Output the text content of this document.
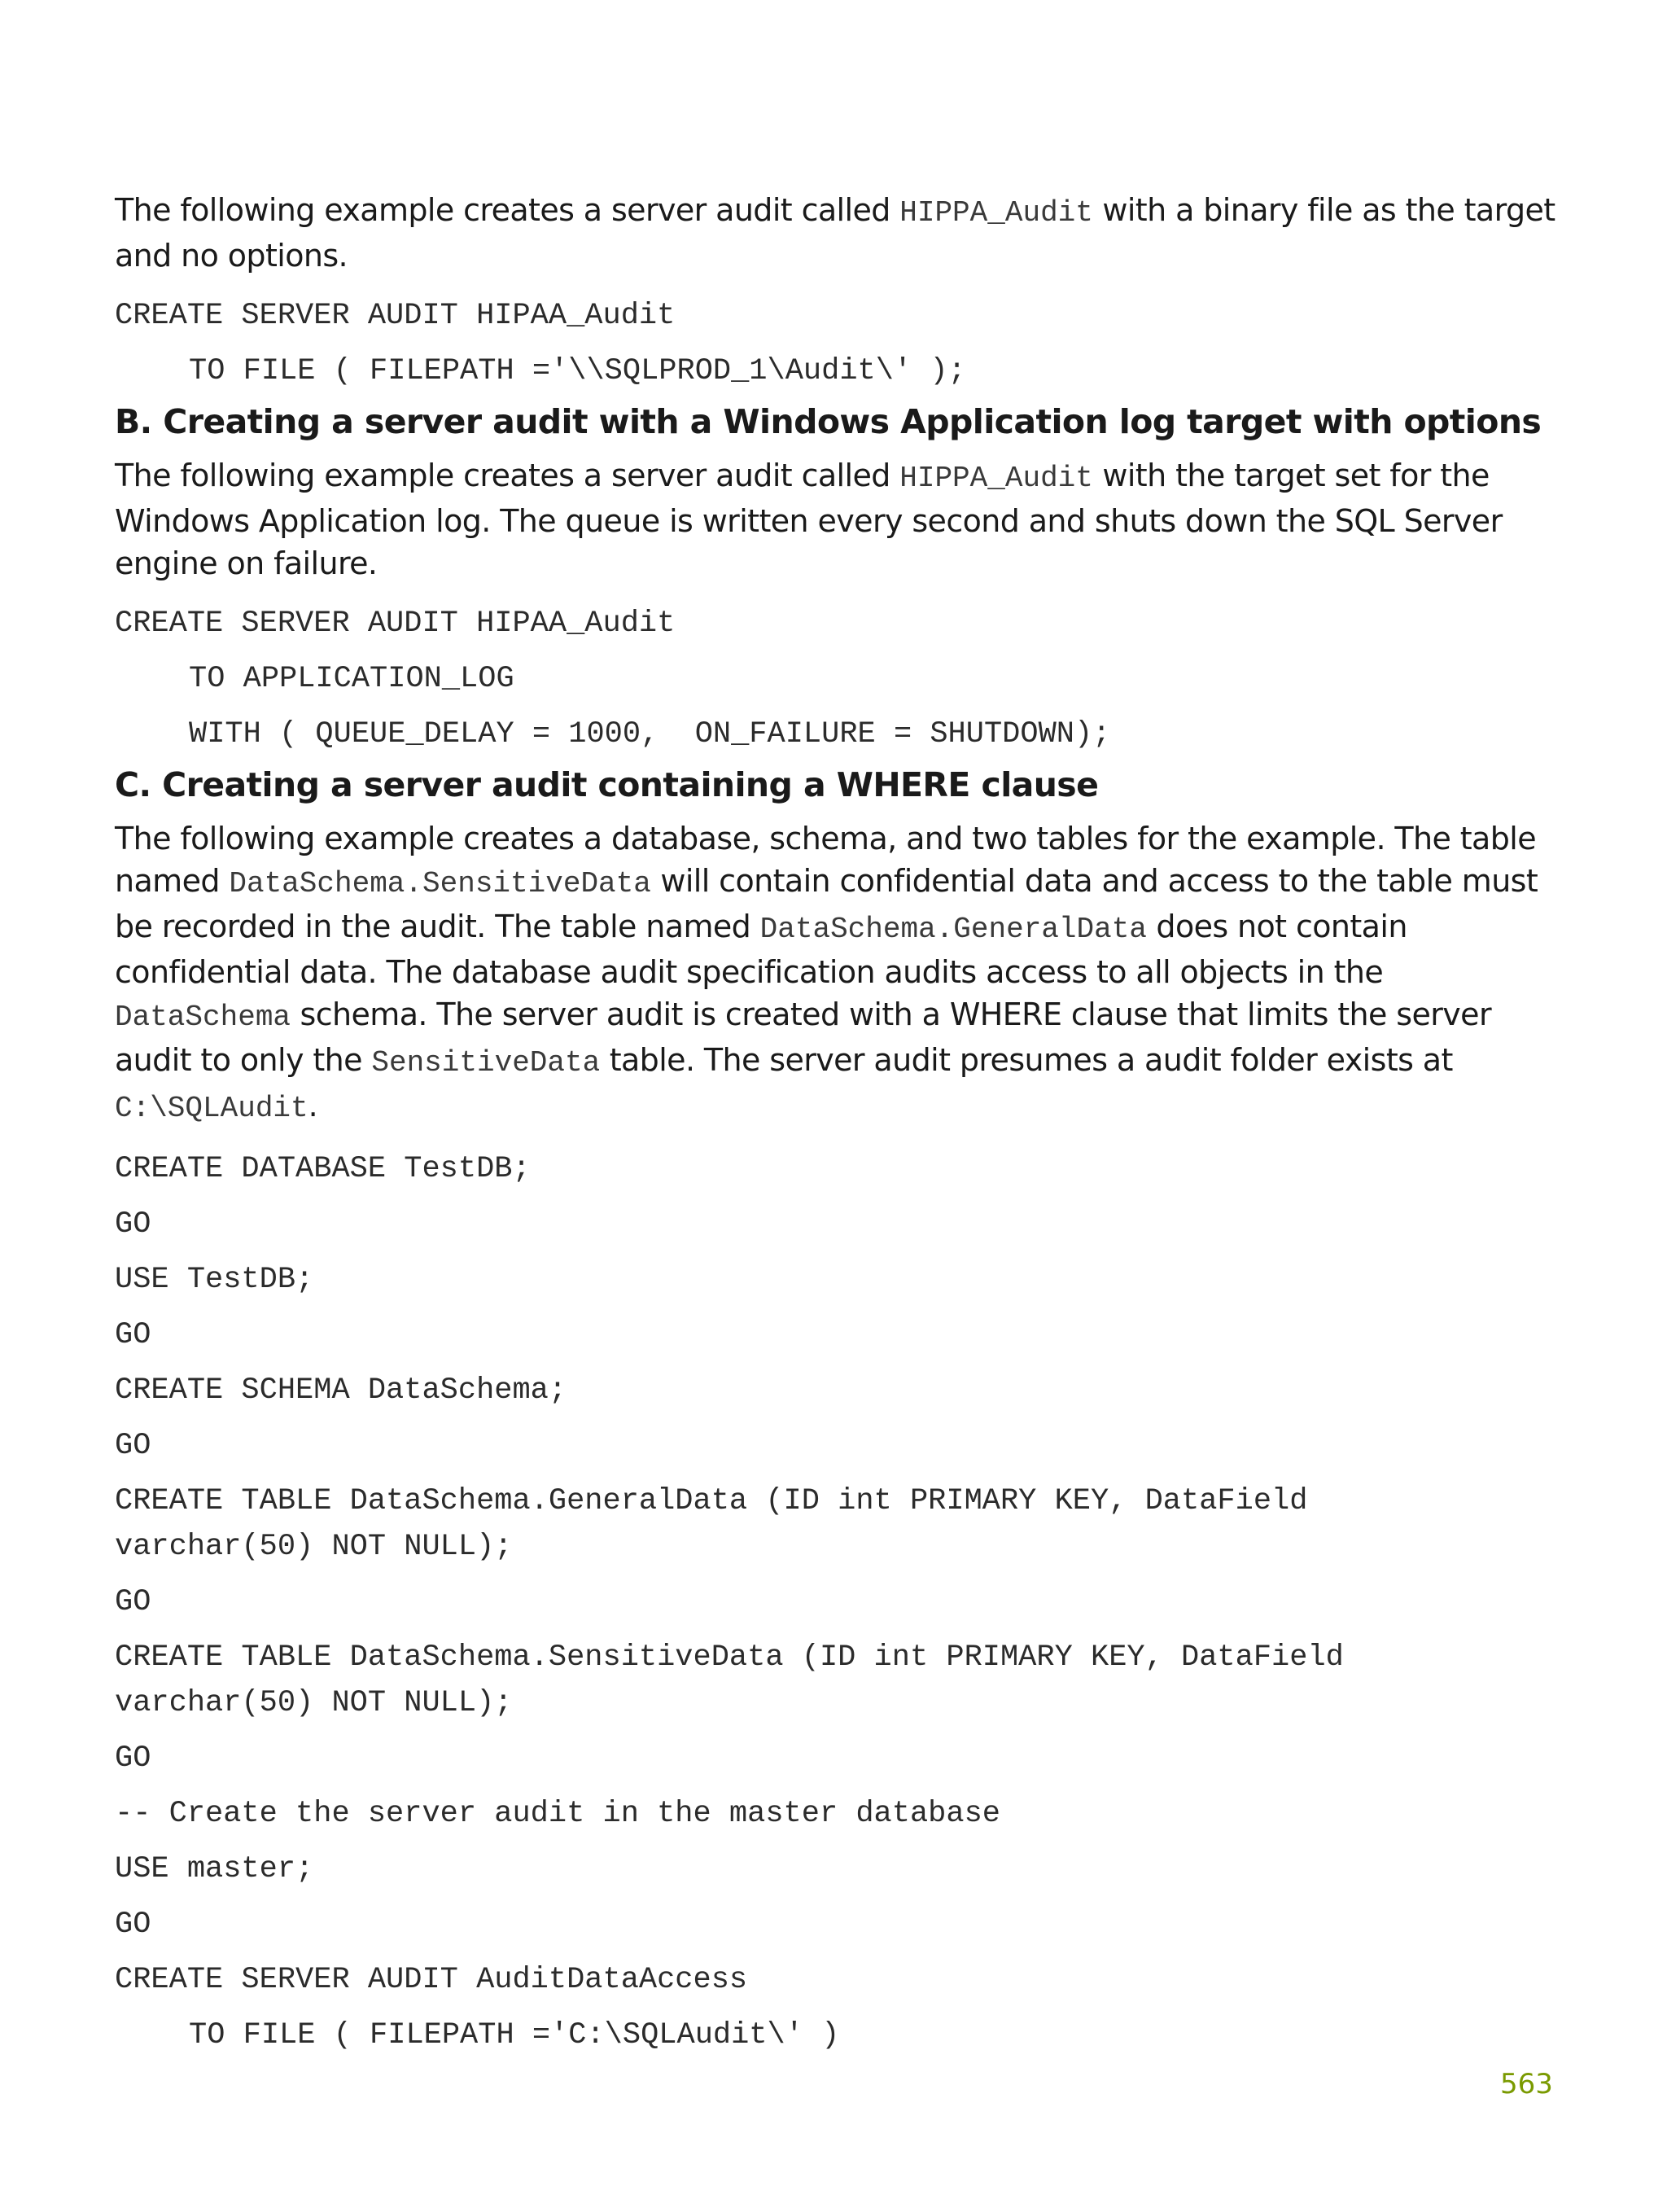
The following example creates a server audit called HIPPA_Audit with a binary file as the target and no options.

CREATE SERVER AUDIT HIPAA_Audit
TO FILE ( FILEPATH ='\\SQLPROD_1\Audit\' );
B. Creating a server audit with a Windows Application log target with options

The following example creates a server audit called HIPPA_Audit with the target set for the Windows Application log. The queue is written every second and shuts down the SQL Server engine on failure.

CREATE SERVER AUDIT HIPAA_Audit
TO APPLICATION_LOG
WITH ( QUEUE_DELAY = 1000,  ON_FAILURE = SHUTDOWN);
C. Creating a server audit containing a WHERE clause

The following example creates a database, schema, and two tables for the example. The table named DataSchema.SensitiveData will contain confidential data and access to the table must be recorded in the audit. The table named DataSchema.GeneralData does not contain confidential data. The database audit specification audits access to all objects in the DataSchema schema. The server audit is created with a WHERE clause that limits the server audit to only the SensitiveData table. The server audit presumes a audit folder exists at C:\SQLAudit.

CREATE DATABASE TestDB;
GO
USE TestDB;
GO
CREATE SCHEMA DataSchema;
GO
CREATE TABLE DataSchema.GeneralData (ID int PRIMARY KEY, DataField varchar(50) NOT NULL);
GO
CREATE TABLE DataSchema.SensitiveData (ID int PRIMARY KEY, DataField varchar(50) NOT NULL);
GO
-- Create the server audit in the master database
USE master;
GO
CREATE SERVER AUDIT AuditDataAccess
TO FILE ( FILEPATH ='C:\SQLAudit\' )
563
